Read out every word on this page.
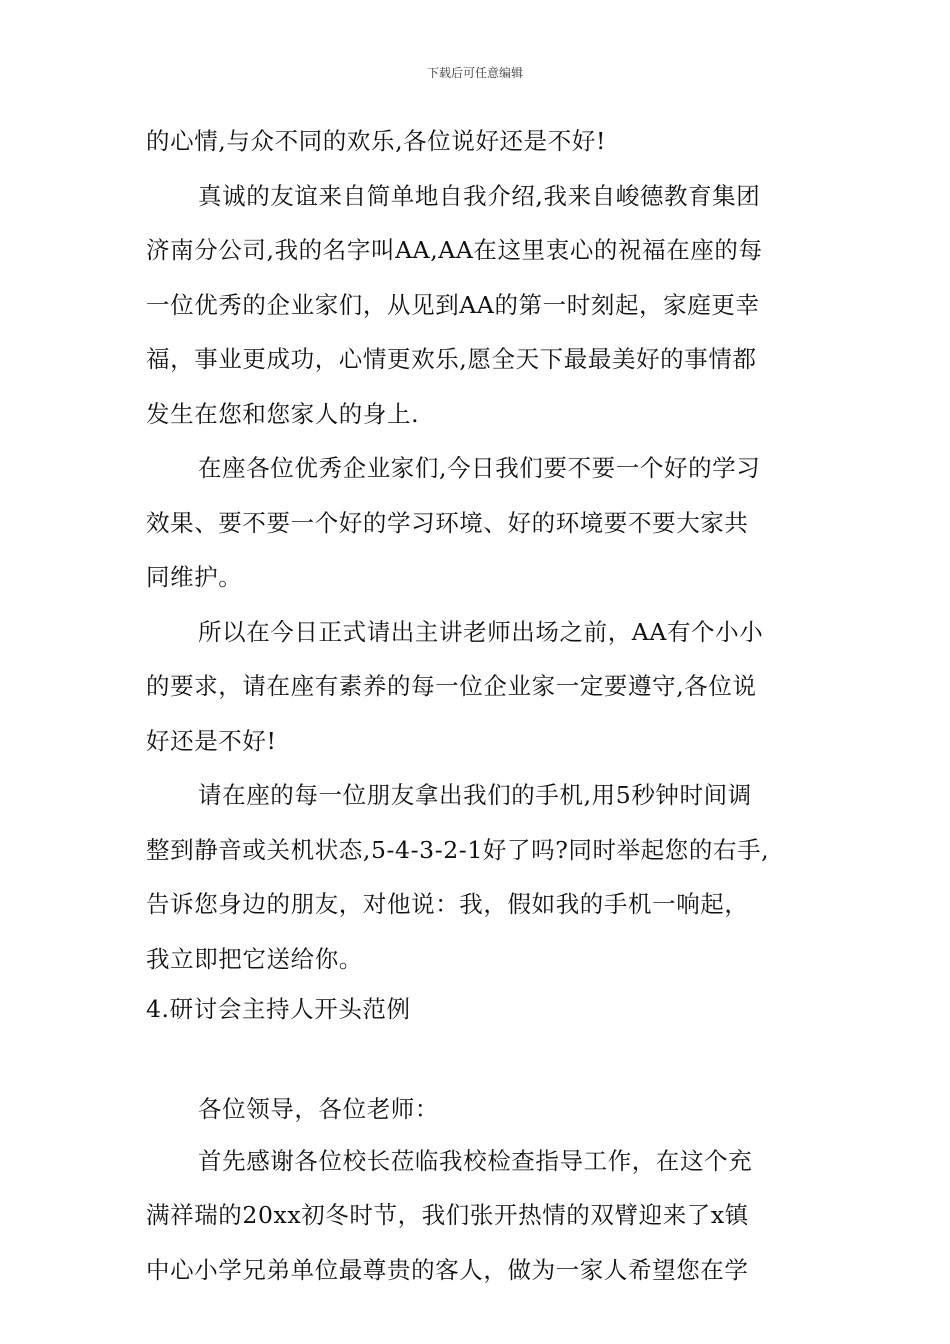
下载后可任意编辑
的心情,与众不同的欢乐,各位说好还是不好!
真诚的友谊来自简单地自我介绍,我来自峻德教育集团
济南分公司,我的名字叫AA,AA在这里衷心的祝福在座的每
一位优秀的企业家们，从见到AA的第一时刻起，家庭更幸
福，事业更成功，心情更欢乐,愿全天下最最美好的事情都
发生在您和您家人的身上.
在座各位优秀企业家们,今日我们要不要一个好的学习
效果、要不要一个好的学习环境、好的环境要不要大家共
同维护。
所以在今日正式请出主讲老师出场之前，AA有个小小
的要求，请在座有素养的每一位企业家一定要遵守,各位说
好还是不好!
请在座的每一位朋友拿出我们的手机,用5秒钟时间调
整到静音或关机状态,5-4-3-2-1好了吗?同时举起您的右手,
告诉您身边的朋友，对他说：我，假如我的手机一响起，
我立即把它送给你。
4.研讨会主持人开头范例
各位领导，各位老师：
首先感谢各位校长莅临我校检查指导工作，在这个充
满祥瑞的20xx初冬时节，我们张开热情的双臂迎来了x镇
中心小学兄弟单位最尊贵的客人，做为一家人希望您在学
